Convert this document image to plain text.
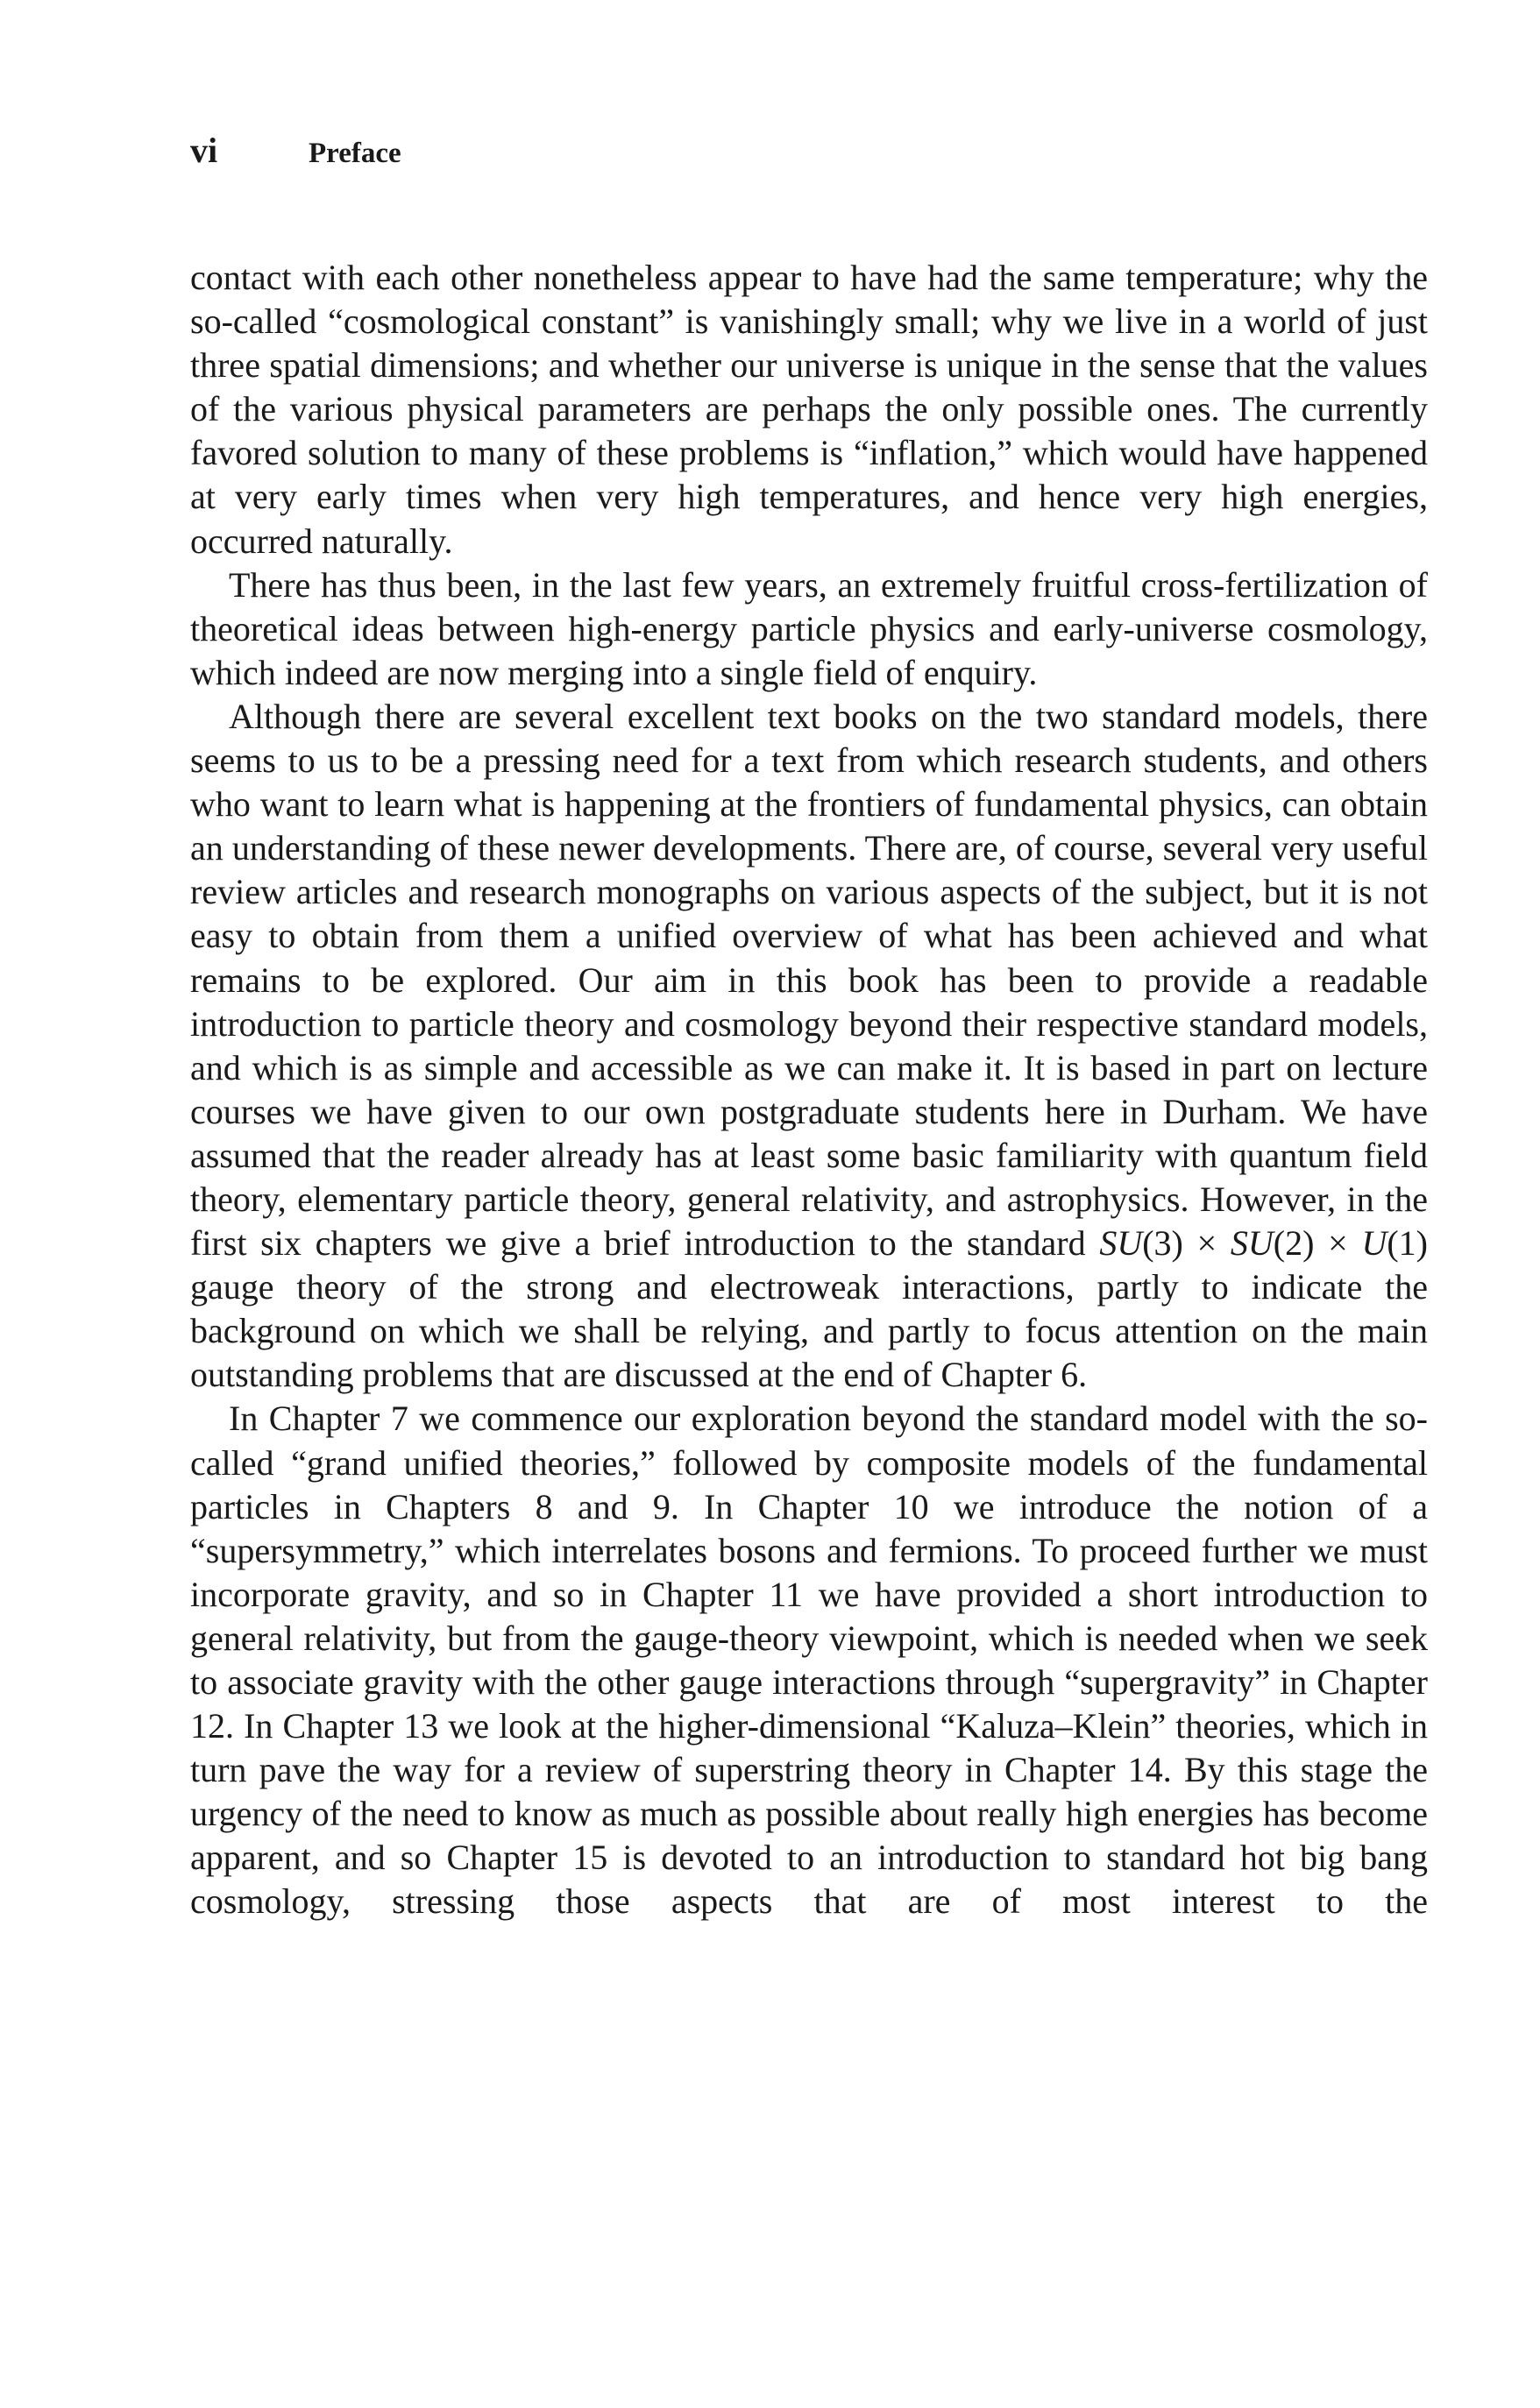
vi	Preface

contact with each other nonetheless appear to have had the same temperature; why the so-called “cosmological constant” is vanishingly small; why we live in a world of just three spatial dimensions; and whether our universe is unique in the sense that the values of the various physical parameters are perhaps the only possible ones. The currently favored solution to many of these problems is “inflation,” which would have happened at very early times when very high temperatures, and hence very high energies, occurred naturally.

There has thus been, in the last few years, an extremely fruitful cross-fertilization of theoretical ideas between high-energy particle physics and early-universe cosmology, which indeed are now merging into a single field of enquiry.

Although there are several excellent text books on the two standard models, there seems to us to be a pressing need for a text from which research students, and others who want to learn what is happening at the frontiers of fundamental physics, can obtain an understanding of these newer developments. There are, of course, several very useful review articles and research monographs on various aspects of the subject, but it is not easy to obtain from them a unified overview of what has been achieved and what remains to be explored. Our aim in this book has been to provide a readable introduction to particle theory and cosmology beyond their respective standard models, and which is as simple and accessible as we can make it. It is based in part on lecture courses we have given to our own postgraduate students here in Durham. We have assumed that the reader already has at least some basic familiarity with quantum field theory, elementary particle theory, general relativity, and astrophysics. However, in the first six chapters we give a brief introduction to the standard SU(3) × SU(2) × U(1) gauge theory of the strong and electroweak interactions, partly to indicate the background on which we shall be relying, and partly to focus attention on the main outstanding problems that are discussed at the end of Chapter 6.

In Chapter 7 we commence our exploration beyond the standard model with the so-called “grand unified theories,” followed by composite models of the fundamental particles in Chapters 8 and 9. In Chapter 10 we introduce the notion of a “supersymmetry,” which interrelates bosons and fermions. To proceed further we must incorporate gravity, and so in Chapter 11 we have provided a short introduction to general relativity, but from the gauge-theory viewpoint, which is needed when we seek to associate gravity with the other gauge interactions through “supergravity” in Chapter 12. In Chapter 13 we look at the higher-dimensional “Kaluza–Klein” theories, which in turn pave the way for a review of superstring theory in Chapter 14. By this stage the urgency of the need to know as much as possible about really high energies has become apparent, and so Chapter 15 is devoted to an introduction to standard hot big bang cosmology, stressing those aspects that are of most interest to the
